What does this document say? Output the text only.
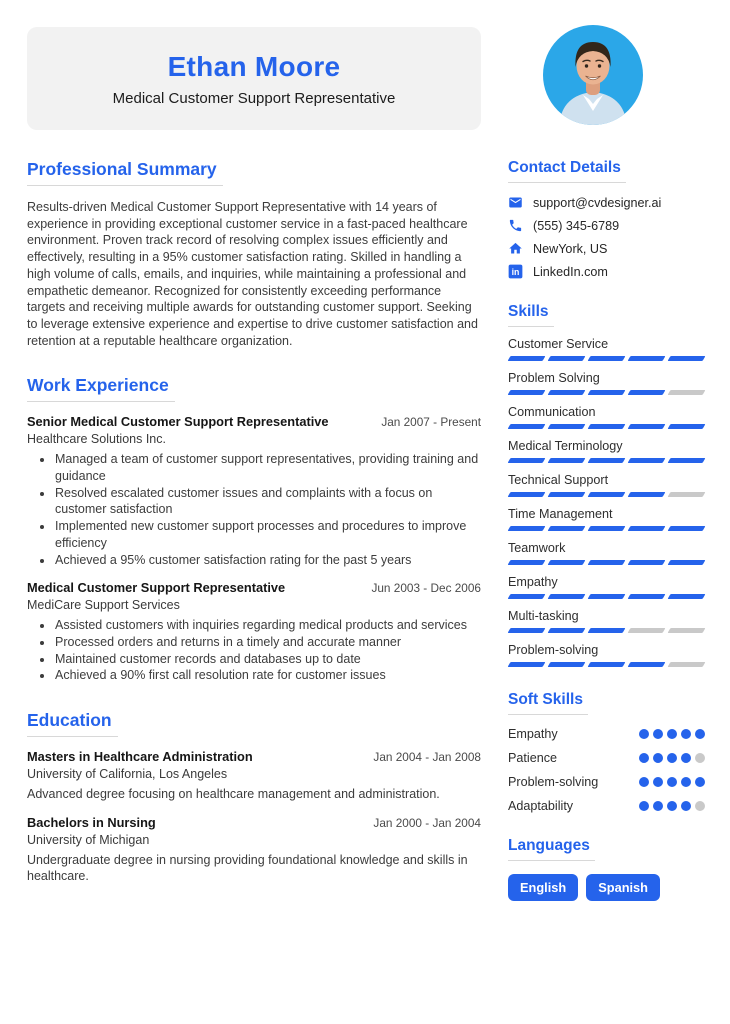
Ethan Moore
Medical Customer Support Representative
Professional Summary

Results-driven Medical Customer Support Representative with 14 years of experience in providing exceptional customer service in a fast-paced healthcare environment. Proven track record of resolving complex issues efficiently and effectively, resulting in a 95% customer satisfaction rating. Skilled in handling a high volume of calls, emails, and inquiries, while maintaining a professional and empathetic demeanor. Recognized for consistently exceeding performance targets and receiving multiple awards for outstanding customer support. Seeking to leverage extensive experience and expertise to drive customer satisfaction and retention at a reputable healthcare organization.

Work Experience
Senior Medical Customer Support Representative	Jan 2007 - Present
Healthcare Solutions Inc.
• Managed a team of customer support representatives, providing training and guidance
• Resolved escalated customer issues and complaints with a focus on customer satisfaction
• Implemented new customer support processes and procedures to improve efficiency
• Achieved a 95% customer satisfaction rating for the past 5 years
Medical Customer Support Representative	Jun 2003 - Dec 2006
MediCare Support Services
• Assisted customers with inquiries regarding medical products and services
• Processed orders and returns in a timely and accurate manner
• Maintained customer records and databases up to date
• Achieved a 90% first call resolution rate for customer issues
Education
Masters in Healthcare Administration	Jan 2004 - Jan 2008
University of California, Los Angeles

Advanced degree focusing on healthcare management and administration.

Bachelors in Nursing	Jan 2000 - Jan 2004
University of Michigan

Undergraduate degree in nursing providing foundational knowledge and skills in healthcare.

Contact Details
support@cvdesigner.ai
(555) 345-6789
NewYork, US
in LinkedIn.com
Skills
Customer Service
Problem Solving
Communication
Medical Terminology
Technical Support
Time Management
Teamwork
Empathy
Multi-tasking
Problem-solving
Soft Skills
Empathy
Patience
Problem-solving
Adaptability
Languages
English	Spanish
